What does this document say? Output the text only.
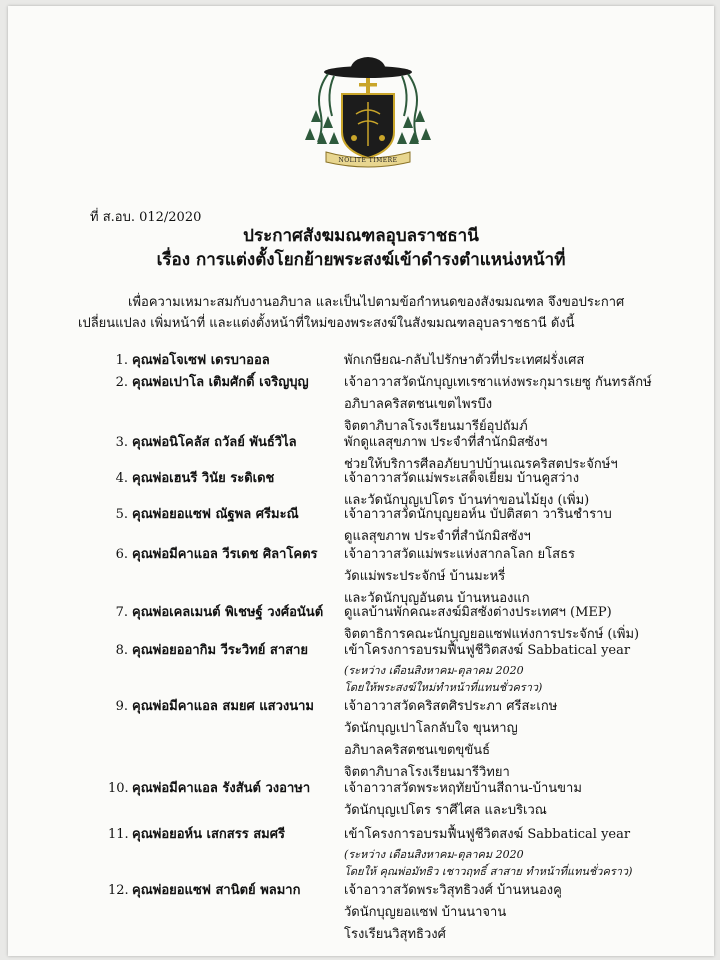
NOLITE TIMERE
ที่ ส.อบ. 012/2020
ประกาศสังฆมณฑลอุบลราชธานี
เรื่อง การแต่งตั้งโยกย้ายพระสงฆ์เข้าดำรงตำแหน่งหน้าที่
เพื่อความเหมาะสมกับงานอภิบาล และเป็นไปตามข้อกำหนดของสังฆมณฑล จึงขอประกาศ
เปลี่ยนแปลง เพิ่มหน้าที่ และแต่งตั้งหน้าที่ใหม่ของพระสงฆ์ในสังฆมณฑลอุบลราชธานี ดังนี้
1. คุณพ่อโจเซฟ เดรบาออล	พักเกษียณ-กลับไปรักษาตัวที่ประเทศฝรั่งเศส
2. คุณพ่อเปาโล เติมศักดิ์ เจริญบุญ	เจ้าอาวาสวัดนักบุญเทเรซาแห่งพระกุมารเยซู กันทรลักษ์
อภิบาลคริสตชนเขตไพรบึง
จิตตาภิบาลโรงเรียนมารีย์อุปถัมภ์
3. คุณพ่อนิโคลัส ถวัลย์ พันธ์วิไล	พักดูแลสุขภาพ ประจำที่สำนักมิสซังฯ
ช่วยให้บริการศีลอภัยบาปบ้านเณรคริสตประจักษ์ฯ
4. คุณพ่อเฮนรี วินัย ระดิเดช	เจ้าอาวาสวัดแม่พระเสด็จเยี่ยม บ้านคูสว่าง
และวัดนักบุญเปโตร บ้านท่าขอนไม้ยุง (เพิ่ม)
5. คุณพ่อยอแซฟ ณัฐพล ศรีมะณี	เจ้าอาวาสวัดนักบุญยอห์น บัปติสตา วารินชำราบ
ดูแลสุขภาพ ประจำที่สำนักมิสซังฯ
6. คุณพ่อมีคาแอล วีรเดช ศิลาโคตร เจ้าอาวาสวัดแม่พระแห่งสากลโลก ยโสธร
วัดแม่พระประจักษ์ บ้านมะหรี่
และวัดนักบุญอันตน บ้านหนองแก
7. คุณพ่อเคลเมนต์ พิเชษฐ์ วงศ์อนันต์ ดูแลบ้านพักคณะสงฆ์มิสซังต่างประเทศฯ (MEP)
จิตตาธิการคณะนักบุญยอแซฟแห่งการประจักษ์ (เพิ่ม)
8. คุณพ่อยออากิม วีระวิทย์ สาสาย	เข้าโครงการอบรมฟื้นฟูชีวิตสงฆ์ Sabbatical year
(ระหว่าง เดือนสิงหาคม-ตุลาคม 2020
โดยให้พระสงฆ์ใหม่ทำหน้าที่แทนชั่วคราว)
9. คุณพ่อมีคาแอล สมยศ แสวงนาม เจ้าอาวาสวัดคริสตศิรประภา ศรีสะเกษ
วัดนักบุญเปาโลกลับใจ ขุนหาญ
อภิบาลคริสตชนเขตขุขันธ์
จิตตาภิบาลโรงเรียนมารีวิทยา
10. คุณพ่อมีคาแอล รังสันต์ วงอาษา	เจ้าอาวาสวัดพระหฤทัยบ้านสีถาน-บ้านขาม
วัดนักบุญเปโตร ราศีไศล และบริเวณ
11. คุณพ่อยอห์น เสกสรร สมศรี	เข้าโครงการอบรมฟื้นฟูชีวิตสงฆ์ Sabbatical year
(ระหว่าง เดือนสิงหาคม-ตุลาคม 2020
โดยให้ คุณพ่อมัทธิว เชาวฤทธิ์ สาสาย ทำหน้าที่แทนชั่วคราว)
12. คุณพ่อยอแซฟ สานิตย์ พลมาก	เจ้าอาวาสวัดพระวิสุทธิวงศ์ บ้านหนองคู
วัดนักบุญยอแซฟ บ้านนาจาน
โรงเรียนวิสุทธิวงศ์
